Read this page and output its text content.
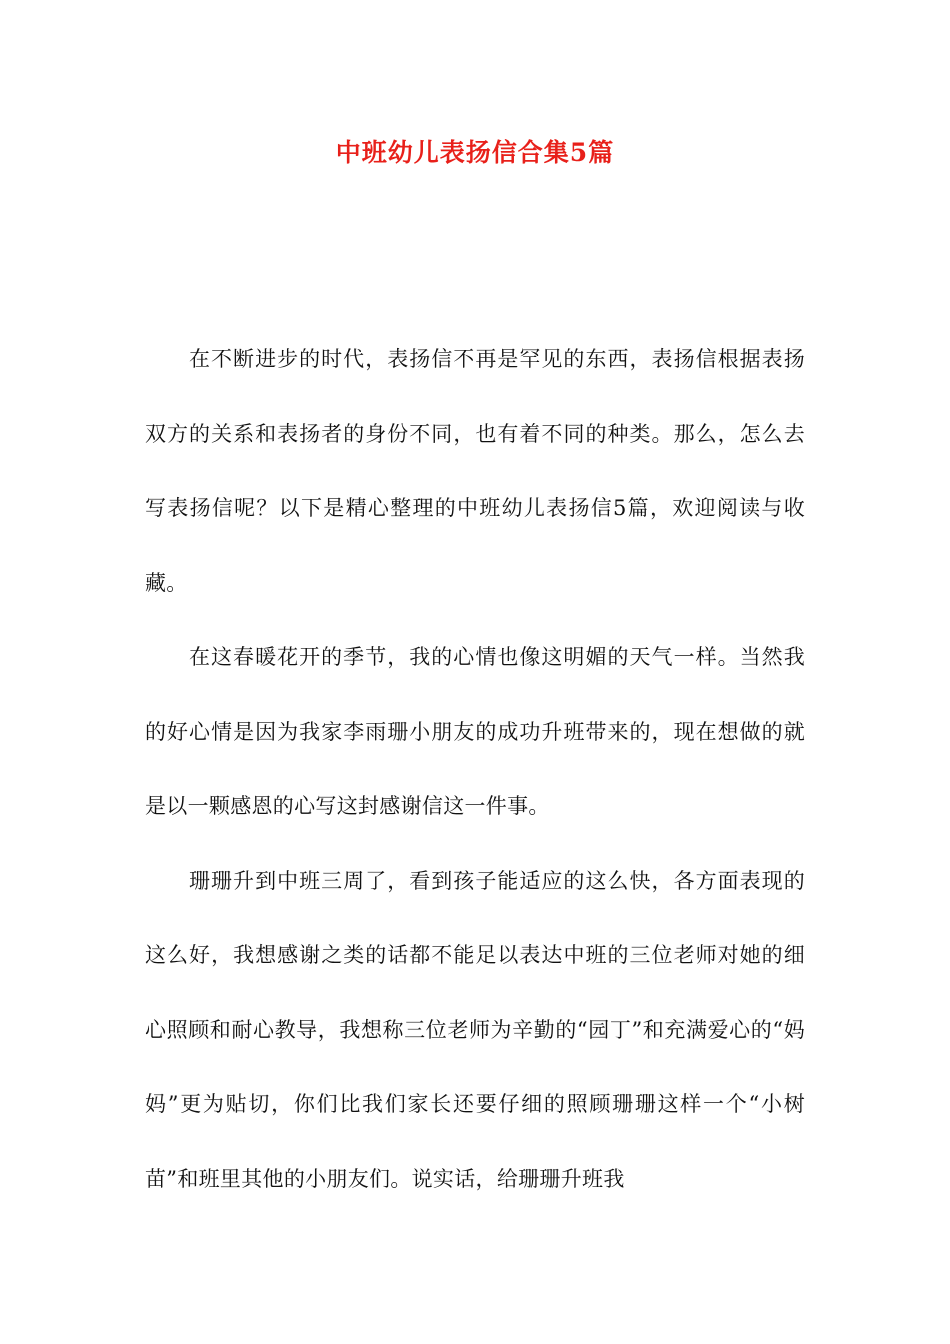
中班幼儿表扬信合集5篇

在不断进步的时代，表扬信不再是罕见的东西，表扬信根据表扬双方的关系和表扬者的身份不同，也有着不同的种类。那么，怎么去写表扬信呢？以下是精心整理的中班幼儿表扬信5篇，欢迎阅读与收藏。

在这春暖花开的季节，我的心情也像这明媚的天气一样。当然我的好心情是因为我家李雨珊小朋友的成功升班带来的，现在想做的就是以一颗感恩的心写这封感谢信这一件事。

珊珊升到中班三周了，看到孩子能适应的这么快，各方面表现的这么好，我想感谢之类的话都不能足以表达中班的三位老师对她的细心照顾和耐心教导，我想称三位老师为辛勤的“园丁”和充满爱心的“妈妈”更为贴切，你们比我们家长还要仔细的照顾珊珊这样一个“小树苗”和班里其他的小朋友们。说实话，给珊珊升班我
